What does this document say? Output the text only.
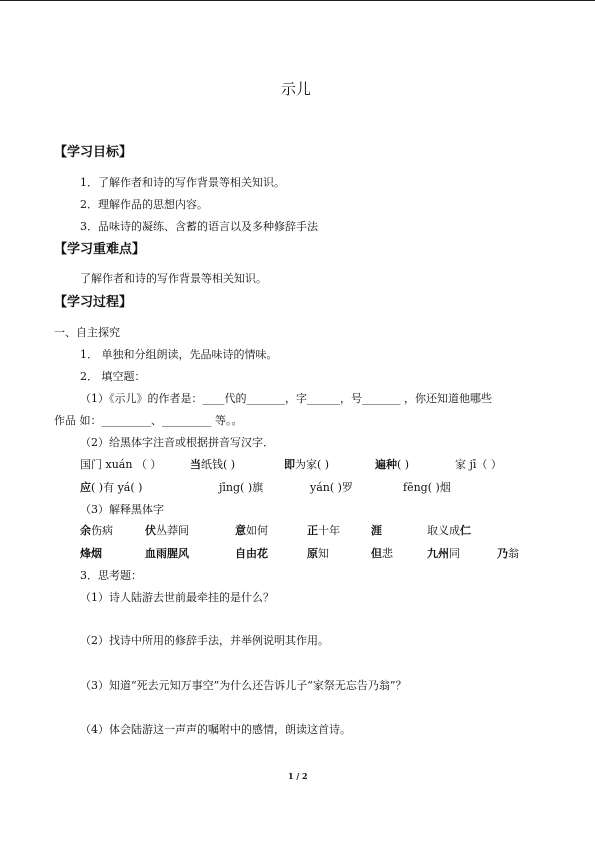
示儿
【学习目标】
1．了解作者和诗的写作背景等相关知识。
2．理解作品的思想内容。
3．品味诗的凝练、含蓄的语言以及多种修辞手法
【学习重难点】
了解作者和诗的写作背景等相关知识。
【学习过程】
一、自主探究
1． 单独和分组朗读，先品味诗的情味。
2． 填空题：
（1）《示儿》的作者是：____代的_______，字______，号_______ ，你还知道他哪些
作品 如：_________、_________ 等。。
（2）给黑体字注音或根据拼音写汉字．
国门 xuán （ ）	当纸钱( )	即为家( )	遍种( )	家 jī（ ）
应( )有 yá( )	jīng( )旗	yán( )罗	fēng( )烟
（3）解释黑体字
余伤病	伏丛莽间	意如何	正十年	涯	取义成仁
烽烟	血雨腥风	自由花	原知	但悲	九州同	乃翁
3．思考题：
（1）诗人陆游去世前最牵挂的是什么？
（2）找诗中所用的修辞手法，并举例说明其作用。
（3）知道“死去元知万事空”为什么还告诉儿子“家祭无忘告乃翁”？
（4）体会陆游这一声声的嘱咐中的感情，朗读这首诗。
1 / 2
